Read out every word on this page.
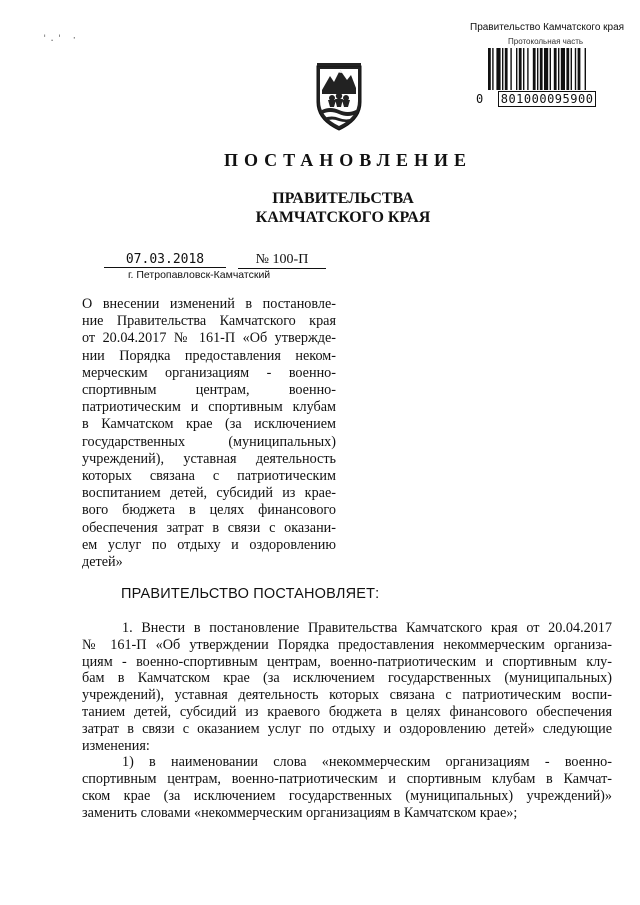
'.' ·
Правительство Камчатского края
Протокольная часть
0 801000095900
ПОСТАНОВЛЕНИЕ
ПРАВИТЕЛЬСТВА
КАМЧАТСКОГО КРАЯ
07.03.2018	№ 100-П
г. Петропавловск-Камчатский
О внесении изменений в постановле-
ние Правительства Камчатского края
от 20.04.2017 № 161-П «Об утвержде-
нии Порядка предоставления неком-
мерческим организациям - военно-
спортивным центрам, военно-
патриотическим и спортивным клубам
в Камчатском крае (за исключением
государственных (муниципальных)
учреждений), уставная деятельность
которых связана с патриотическим
воспитанием детей, субсидий из крае-
вого бюджета в целях финансового
обеспечения затрат в связи с оказани-
ем услуг по отдыху и оздоровлению
детей»
ПРАВИТЕЛЬСТВО ПОСТАНОВЛЯЕТ:
1. Внести в постановление Правительства Камчатского края от 20.04.2017
№ 161-П «Об утверждении Порядка предоставления некоммерческим организа-
циям - военно-спортивным центрам, военно-патриотическим и спортивным клу-
бам в Камчатском крае (за исключением государственных (муниципальных)
учреждений), уставная деятельность которых связана с патриотическим воспи-
танием детей, субсидий из краевого бюджета в целях финансового обеспечения
затрат в связи с оказанием услуг по отдыху и оздоровлению детей» следующие
изменения:
1) в наименовании слова «некоммерческим организациям - военно-
спортивным центрам, военно-патриотическим и спортивным клубам в Камчат-
ском крае (за исключением государственных (муниципальных) учреждений)»
заменить словами «некоммерческим организациям в Камчатском крае»;
